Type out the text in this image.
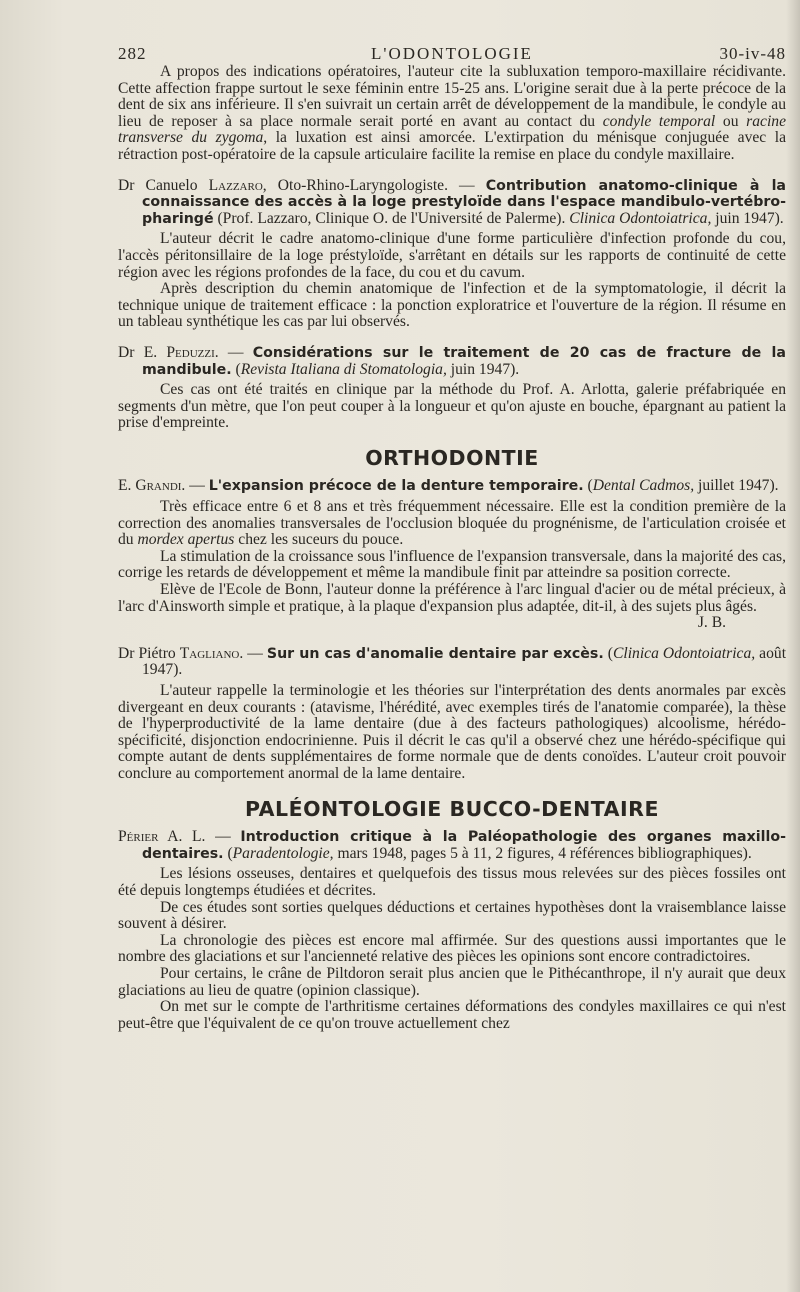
282	L'ODONTOLOGIE	30-iv-48

A propos des indications opératoires, l'auteur cite la subluxation temporo-maxillaire récidivante. Cette affection frappe surtout le sexe féminin entre 15-25 ans. L'origine serait due à la perte précoce de la dent de six ans inférieure. Il s'en suivrait un certain arrêt de développement de la mandibule, le condyle au lieu de reposer à sa place normale serait porté en avant au contact du condyle temporal ou racine transverse du zygoma, la luxation est ainsi amorcée. L'extirpation du ménisque conjuguée avec la rétraction post-opératoire de la capsule articulaire facilite la remise en place du condyle maxillaire.

Dr Canuelo Lazzaro, Oto-Rhino-Laryngologiste. — Contribution anatomo-clinique à la connaissance des accès à la loge prestyloïde dans l'espace mandibulo-vertébro-pharingé (Prof. Lazzaro, Clinique O. de l'Université de Palerme). Clinica Odontoiatrica, juin 1947).

L'auteur décrit le cadre anatomo-clinique d'une forme particulière d'infection profonde du cou, l'accès péritonsillaire de la loge préstyloïde, s'arrêtant en détails sur les rapports de continuité de cette région avec les régions profondes de la face, du cou et du cavum.

Après description du chemin anatomique de l'infection et de la symptomatologie, il décrit la technique unique de traitement efficace : la ponction exploratrice et l'ouverture de la région. Il résume en un tableau synthétique les cas par lui observés.

Dr E. Peduzzi. — Considérations sur le traitement de 20 cas de fracture de la mandibule. (Revista Italiana di Stomatologia, juin 1947).

Ces cas ont été traités en clinique par la méthode du Prof. A. Arlotta, galerie préfabriquée en segments d'un mètre, que l'on peut couper à la longueur et qu'on ajuste en bouche, épargnant au patient la prise d'empreinte.

ORTHODONTIE

E. Grandi. — L'expansion précoce de la denture temporaire. (Dental Cadmos, juillet 1947).

Très efficace entre 6 et 8 ans et très fréquemment nécessaire. Elle est la condition première de la correction des anomalies transversales de l'occlusion bloquée du prognénisme, de l'articulation croisée et du mordex apertus chez les suceurs du pouce.

La stimulation de la croissance sous l'influence de l'expansion transversale, dans la majorité des cas, corrige les retards de développement et même la mandibule finit par atteindre sa position correcte.

Elève de l'Ecole de Bonn, l'auteur donne la préférence à l'arc lingual d'acier ou de métal précieux, à l'arc d'Ainsworth simple et pratique, à la plaque d'expansion plus adaptée, dit-il, à des sujets plus âgés.

J. B.

Dr Piétro Tagliano. — Sur un cas d'anomalie dentaire par excès. (Clinica Odontoiatrica, août 1947).

L'auteur rappelle la terminologie et les théories sur l'interprétation des dents anormales par excès divergeant en deux courants : (atavisme, l'hérédité, avec exemples tirés de l'anatomie comparée), la thèse de l'hyperproductivité de la lame dentaire (due à des facteurs pathologiques) alcoolisme, hérédo-spécificité, disjonction endocrinienne. Puis il décrit le cas qu'il a observé chez une hérédo-spécifique qui compte autant de dents supplémentaires de forme normale que de dents conoïdes. L'auteur croit pouvoir conclure au comportement anormal de la lame dentaire.

PALÉONTOLOGIE BUCCO-DENTAIRE

Périer A. L. — Introduction critique à la Paléopathologie des organes maxillo-dentaires. (Paradentologie, mars 1948, pages 5 à 11, 2 figures, 4 références bibliographiques).

Les lésions osseuses, dentaires et quelquefois des tissus mous relevées sur des pièces fossiles ont été depuis longtemps étudiées et décrites.

De ces études sont sorties quelques déductions et certaines hypothèses dont la vraisemblance laisse souvent à désirer.

La chronologie des pièces est encore mal affirmée. Sur des questions aussi importantes que le nombre des glaciations et sur l'ancienneté relative des pièces les opinions sont encore contradictoires.

Pour certains, le crâne de Piltdoron serait plus ancien que le Pithécanthrope, il n'y aurait que deux glaciations au lieu de quatre (opinion classique).

On met sur le compte de l'arthritisme certaines déformations des condyles maxillaires ce qui n'est peut-être que l'équivalent de ce qu'on trouve actuellement chez
